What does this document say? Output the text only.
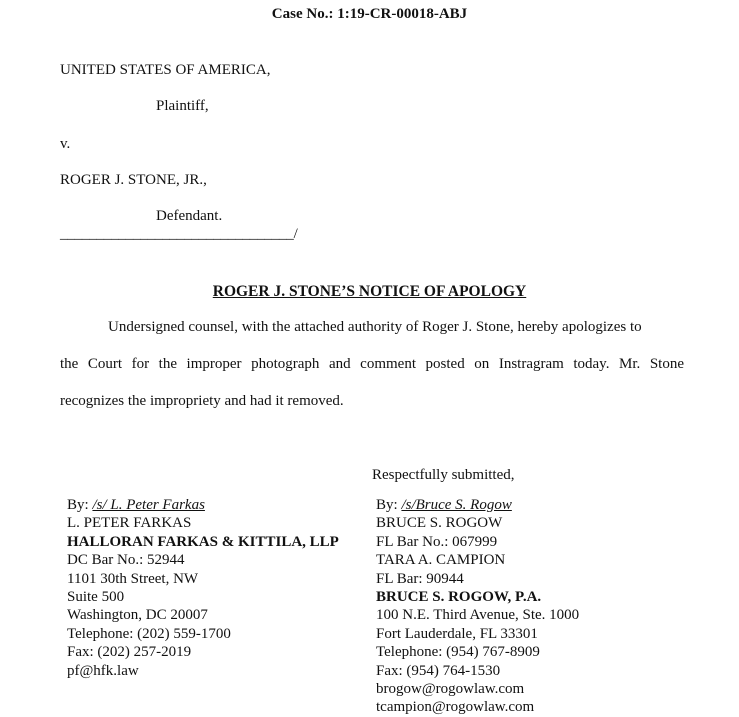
Case No.: 1:19-CR-00018-ABJ
UNITED STATES OF AMERICA,
Plaintiff,
v.
ROGER J. STONE, JR.,
Defendant.
________________________________/
ROGER J. STONE’S NOTICE OF APOLOGY
Undersigned counsel, with the attached authority of Roger J. Stone, hereby apologizes to
the Court for the improper photograph and comment posted on Instragram today. Mr. Stone
recognizes the impropriety and had it removed.
Respectfully submitted,
By: /s/ L. Peter Farkas
L. PETER FARKAS
HALLORAN FARKAS & KITTILA, LLP
DC Bar No.: 52944
1101 30th Street, NW
Suite 500
Washington, DC 20007
Telephone: (202) 559-1700
Fax: (202) 257-2019
pf@hfk.law
By: /s/Bruce S. Rogow
BRUCE S. ROGOW
FL Bar No.: 067999
TARA A. CAMPION
FL Bar: 90944
BRUCE S. ROGOW, P.A.
100 N.E. Third Avenue, Ste. 1000
Fort Lauderdale, FL 33301
Telephone: (954) 767-8909
Fax: (954) 764-1530
brogow@rogowlaw.com
tcampion@rogowlaw.com
